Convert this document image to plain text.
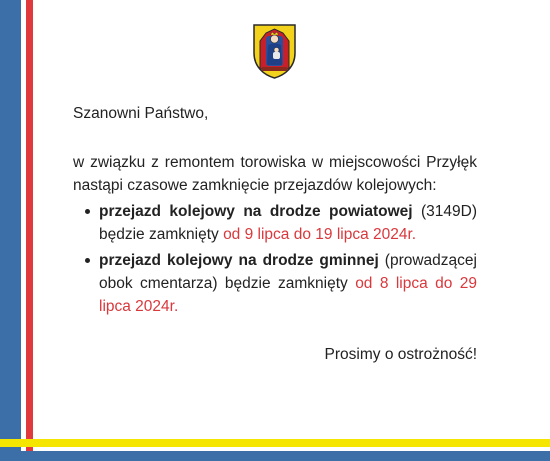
Szanowni Państwo,

w związku z remontem torowiska w miejscowości Przyłęk nastąpi czasowe zamknięcie przejazdów kolejowych:

przejazd kolejowy na drodze powiatowej (3149D) będzie zamknięty od 9 lipca do 19 lipca 2024r.
przejazd kolejowy na drodze gminnej (prowadzącej obok cmentarza) będzie zamknięty od 8 lipca do 29 lipca 2024r.

Prosimy o ostrożność!
